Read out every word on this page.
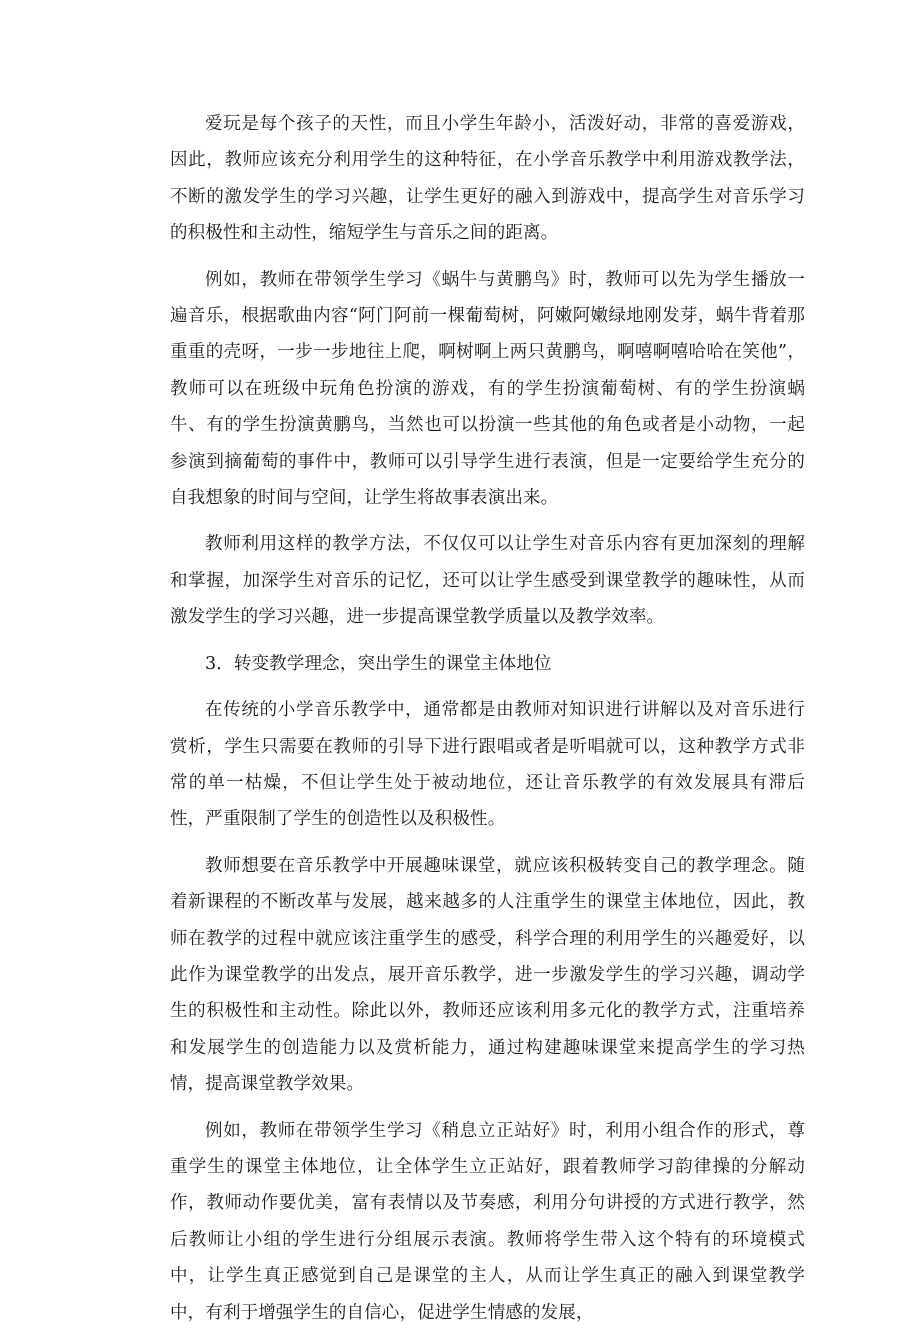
爱玩是每个孩子的天性，而且小学生年龄小，活泼好动，非常的喜爱游戏，因此，教师应该充分利用学生的这种特征，在小学音乐教学中利用游戏教学法，不断的激发学生的学习兴趣，让学生更好的融入到游戏中，提高学生对音乐学习的积极性和主动性，缩短学生与音乐之间的距离。

例如，教师在带领学生学习《蜗牛与黄鹏鸟》时，教师可以先为学生播放一遍音乐，根据歌曲内容“阿门阿前一棵葡萄树，阿嫩阿嫩绿地刚发芽，蜗牛背着那重重的壳呀，一步一步地往上爬，啊树啊上两只黄鹏鸟，啊嘻啊嘻哈哈在笑他”，教师可以在班级中玩角色扮演的游戏，有的学生扮演葡萄树、有的学生扮演蜗牛、有的学生扮演黄鹏鸟，当然也可以扮演一些其他的角色或者是小动物，一起参演到摘葡萄的事件中，教师可以引导学生进行表演，但是一定要给学生充分的自我想象的时间与空间，让学生将故事表演出来。

教师利用这样的教学方法，不仅仅可以让学生对音乐内容有更加深刻的理解和掌握，加深学生对音乐的记忆，还可以让学生感受到课堂教学的趣味性，从而激发学生的学习兴趣，进一步提高课堂教学质量以及教学效率。

3．转变教学理念，突出学生的课堂主体地位

在传统的小学音乐教学中，通常都是由教师对知识进行讲解以及对音乐进行赏析，学生只需要在教师的引导下进行跟唱或者是听唱就可以，这种教学方式非常的单一枯燥，不但让学生处于被动地位，还让音乐教学的有效发展具有滞后性，严重限制了学生的创造性以及积极性。

教师想要在音乐教学中开展趣味课堂，就应该积极转变自己的教学理念。随着新课程的不断改革与发展，越来越多的人注重学生的课堂主体地位，因此，教师在教学的过程中就应该注重学生的感受，科学合理的利用学生的兴趣爱好，以此作为课堂教学的出发点，展开音乐教学，进一步激发学生的学习兴趣，调动学生的积极性和主动性。除此以外，教师还应该利用多元化的教学方式，注重培养和发展学生的创造能力以及赏析能力，通过构建趣味课堂来提高学生的学习热情，提高课堂教学效果。

例如，教师在带领学生学习《稍息立正站好》时，利用小组合作的形式，尊重学生的课堂主体地位，让全体学生立正站好，跟着教师学习韵律操的分解动作，教师动作要优美，富有表情以及节奏感，利用分句讲授的方式进行教学，然后教师让小组的学生进行分组展示表演。教师将学生带入这个特有的环境模式中，让学生真正感觉到自己是课堂的主人，从而让学生真正的融入到课堂教学中，有利于增强学生的自信心，促进学生情感的发展，
